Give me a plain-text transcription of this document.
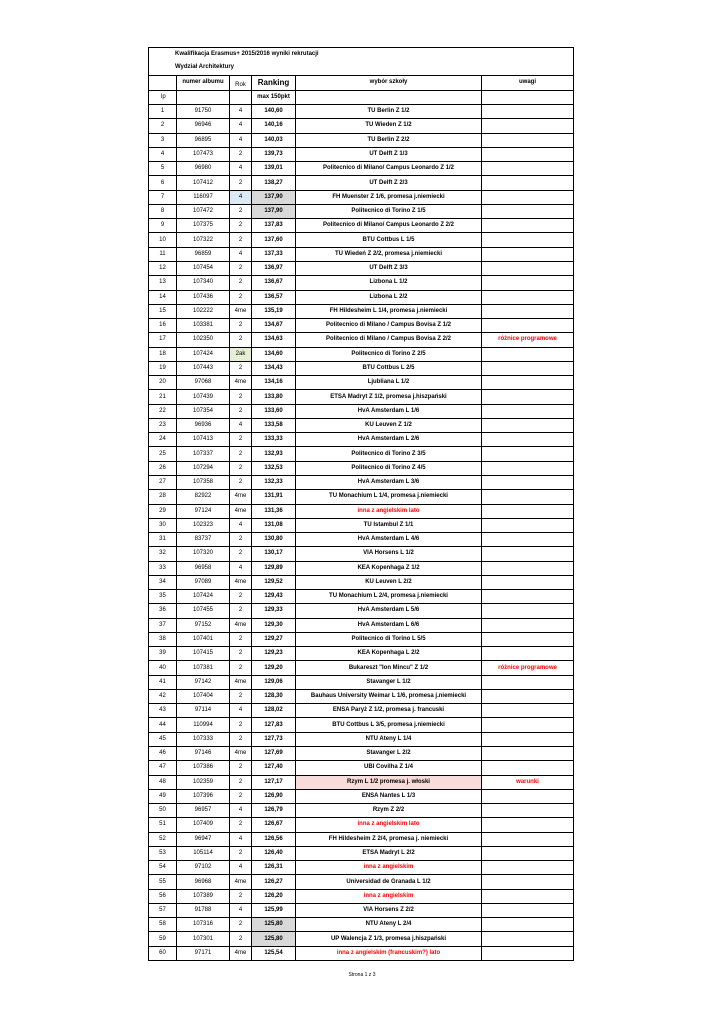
Kwalifikacja Erasmus+ 2015/2016 wyniki rekrutacji					
Wydział Architektury					
	numer albumu	Rok	Ranking	wybór szkoły	uwagi
lp			max 150pkt		
1	91750	4	140,60	TU Berlin Z 1/2	
2	96946	4	140,16	TU Wieden Z 1/2	
3	96895	4	140,03	TU Berlin Z 2/2	
4	107473	2	139,73	UT Delft Z 1/3	
5	96980	4	139,01	Politecnico di Milano/ Campus Leonardo Z 1/2	
6	107412	2	138,27	UT Delft Z 2/3	
7	116097	4	137,90	FH Muenster Z 1/6, promesa j.niemiecki	
8	107472	2	137,90	Politecnico di Torino Z 1/5	
9	107375	2	137,83	Politecnico di Milano/ Campus Leonardo Z 2/2	
10	107322	2	137,60	BTU Cottbus L 1/5	
11	96859	4	137,33	TU Wiedeń Z 2/2, promesa j.niemiecki	
12	107454	2	136,97	UT Delft Z 3/3	
13	107340	2	136,67	Lizbona L 1/2	
14	107436	2	136,57	Lizbona L 2/2	
15	102222	4me	135,19	FH Hildesheim L 1/4, promesa j.niemiecki	
16	103381	2	134,67	Politecnico di Milano / Campus Bovisa Z 1/2	
17	102350	2	134,63	Politecnico di Milano / Campus Bovisa Z 2/2	różnice programowe
18	107424	2ak	134,60	Politecnico di Torino Z 2/5	
19	107443	2	134,43	BTU Cottbus L 2/5	
20	97068	4me	134,16	Ljubliana L 1/2	
21	107439	2	133,80	ETSA Madryt Z 1/2, promesa j.hiszpański	
22	107354	2	133,60	HvA Amsterdam L 1/6	
23	96936	4	133,58	KU Leuven Z 1/2	
24	107413	2	133,33	HvA Amsterdam L 2/6	
25	107337	2	132,93	Politecnico di Torino Z 3/5	
26	107294	2	132,53	Politecnico di Torino Z 4/5	
27	107358	2	132,33	HvA Amsterdam L 3/6	
28	82922	4me	131,91	TU Monachium L 1/4, promesa j.niemiecki	
29	97124	4me	131,36	inna z angielskim lato	
30	102323	4	131,08	TU Istambul Z 1/1	
31	83737	2	130,80	HvA Amsterdam L 4/6	
32	107320	2	130,17	VIA Horsens L 1/2	
33	96958	4	129,89	KEA Kopenhaga Z 1/2	
34	97089	4me	129,52	KU Leuven L 2/2	
35	107424	2	129,43	TU Monachium L 2/4, promesa j.niemiecki	
36	107455	2	129,33	HvA Amsterdam L 5/6	
37	97152	4me	129,30	HvA Amsterdam L 6/6	
38	107401	2	129,27	Politecnico di Torino L 5/5	
39	107415	2	129,23	KEA Kopenhaga L 2/2	
40	107381	2	129,20	Bukareszt "Ion Mincu" Z 1/2	różnice programowe
41	97142	4me	129,06	Stavanger L 1/2	
42	107404	2	128,30	Bauhaus University Weimar L 1/6, promesa j.niemiecki	
43	97114	4	128,02	ENSA Paryż Z 1/2, promesa j. francuski	
44	110994	2	127,83	BTU Cottbus L 3/5, promesa j.niemiecki	
45	107333	2	127,73	NTU Ateny L 1/4	
46	97146	4me	127,69	Stavanger L 2/2	
47	107386	2	127,40	UBI Covilha Z 1/4	
48	102359	2	127,17	Rzym L 1/2 promesa j. włoski	warunki
49	107396	2	126,90	ENSA Nantes L 1/3	
50	96957	4	126,79	Rzym Z 2/2	
51	107409	2	126,67	inna z angielskim lato	
52	96947	4	126,56	FH Hildesheim Z 2/4, promesa j. niemiecki	
53	105114	2	126,40	ETSA Madryt L 2/2	
54	97102	4	126,31	inna z angielskim	
55	96968	4me	126,27	Universidad de Granada L 1/2	
56	107389	2	126,20	inna z angielskim	
57	91788	4	125,99	VIA Horsens Z 2/2	
58	107316	2	125,80	NTU Ateny L 2/4	
59	107301	2	125,80	UP Walencja Z 1/3, promesa j.hiszpański	
60	97171	4me	125,54	inna z angielskim (francuskim?) lato	
Strona 1 z 3
